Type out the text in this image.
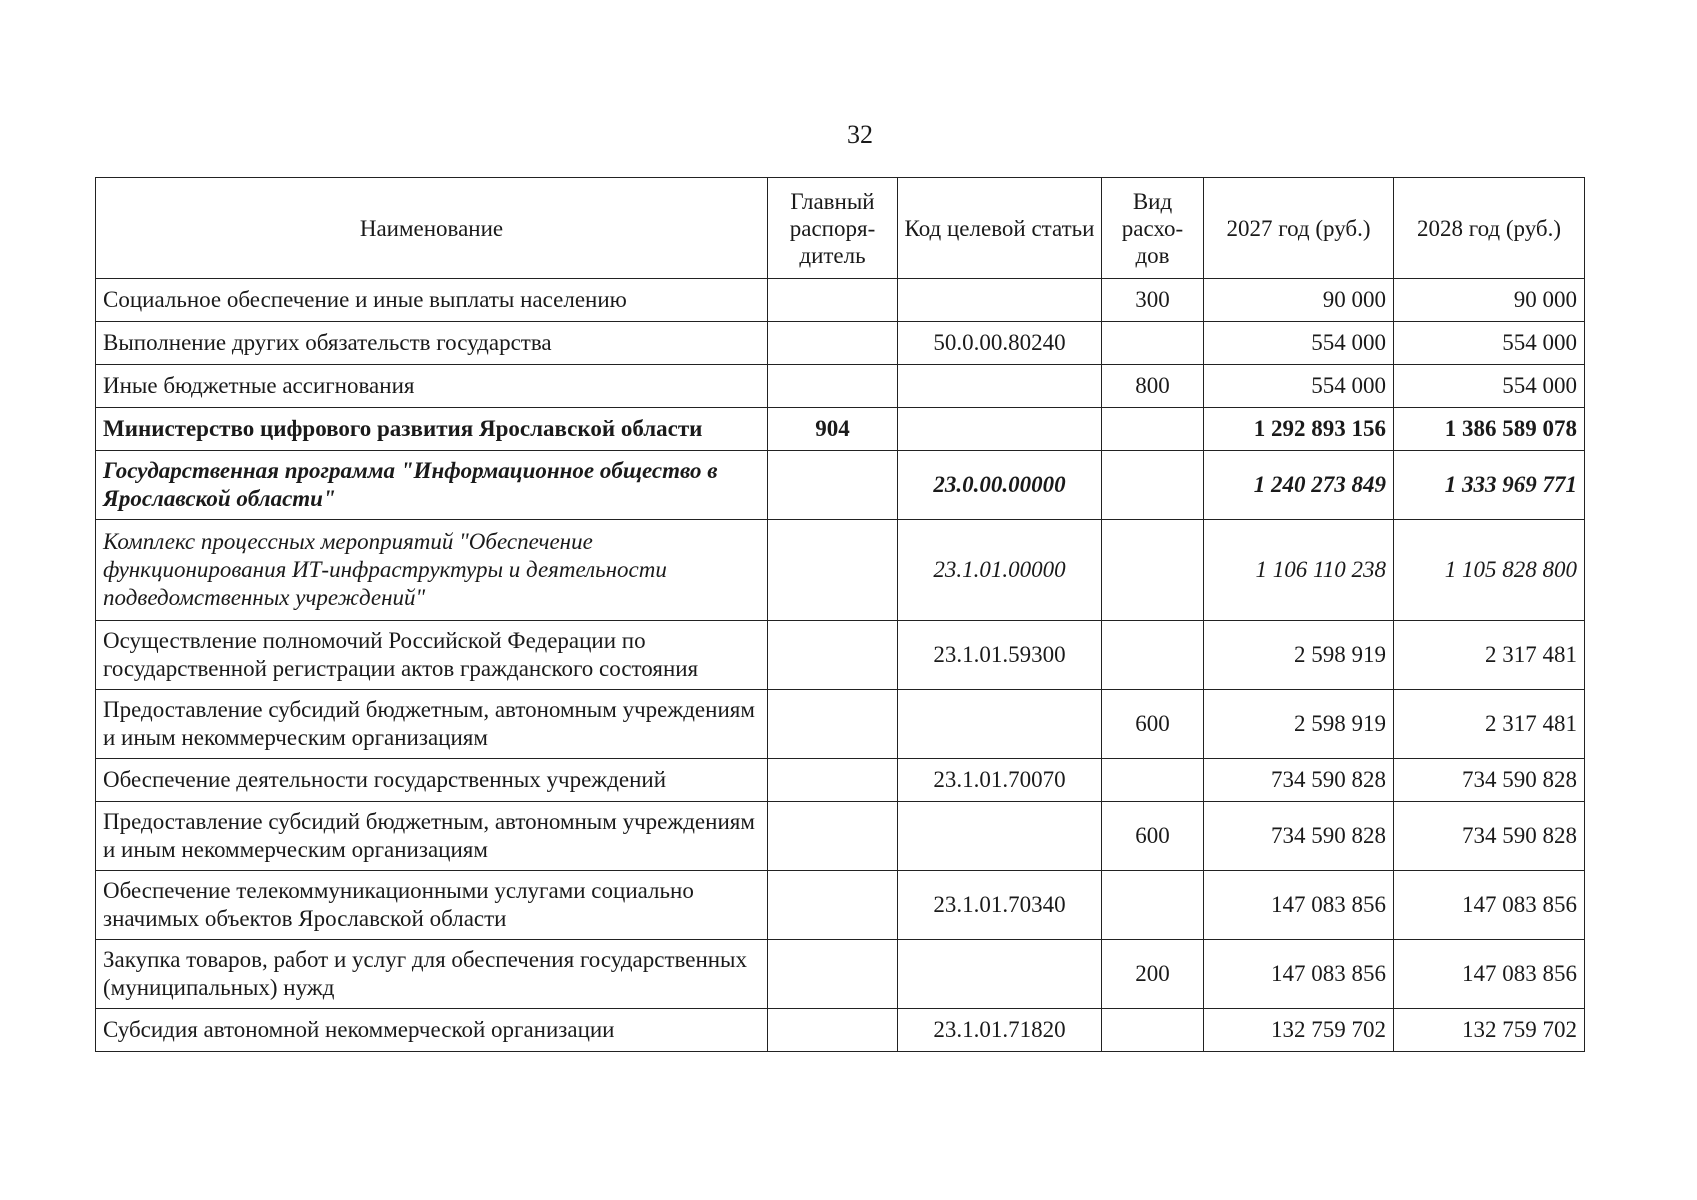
32
Наименование	Главный распоря-дитель	Код целевой статьи	Вид расхо-дов	2027 год (руб.)	2028 год (руб.)
Социальное обеспечение и иные выплаты населению			300	90 000	90 000
Выполнение других обязательств государства		50.0.00.80240		554 000	554 000
Иные бюджетные ассигнования			800	554 000	554 000
Министерство цифрового развития Ярославской области	904			1 292 893 156	1 386 589 078
Государственная программа "Информационное общество в Ярославской области"		23.0.00.00000		1 240 273 849	1 333 969 771
Комплекс процессных мероприятий "Обеспечение функционирования ИТ-инфраструктуры и деятельности подведомственных учреждений"		23.1.01.00000		1 106 110 238	1 105 828 800
Осуществление полномочий Российской Федерации по государственной регистрации актов гражданского состояния		23.1.01.59300		2 598 919	2 317 481
Предоставление субсидий бюджетным, автономным учреждениям и иным некоммерческим организациям			600	2 598 919	2 317 481
Обеспечение деятельности государственных учреждений		23.1.01.70070		734 590 828	734 590 828
Предоставление субсидий бюджетным, автономным учреждениям и иным некоммерческим организациям			600	734 590 828	734 590 828
Обеспечение телекоммуникационными услугами социально значимых объектов Ярославской области		23.1.01.70340		147 083 856	147 083 856
Закупка товаров, работ и услуг для обеспечения государственных (муниципальных) нужд			200	147 083 856	147 083 856
Субсидия автономной некоммерческой организации		23.1.01.71820		132 759 702	132 759 702
